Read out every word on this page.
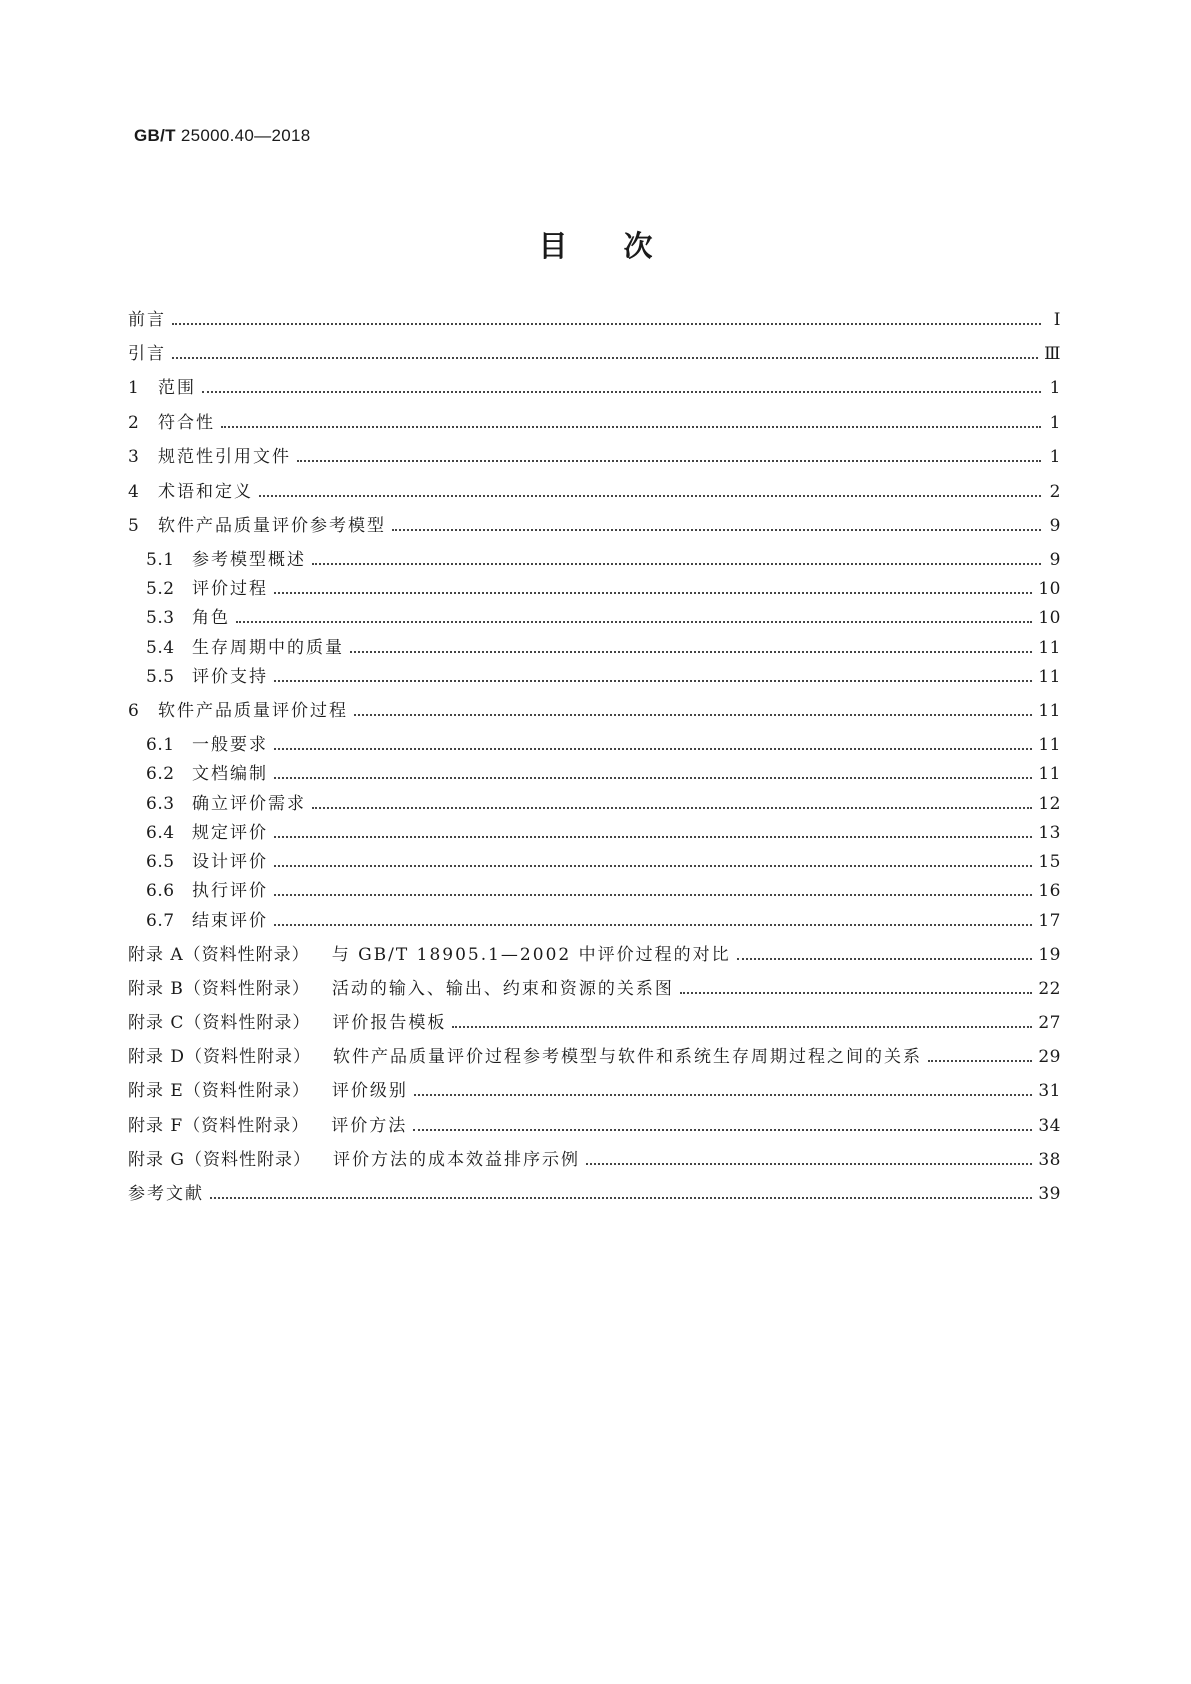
GB/T 25000.40—2018
目次
前言	Ⅰ
引言	Ⅲ
1	范围	1
2	符合性	1
3	规范性引用文件	1
4	术语和定义	2
5	软件产品质量评价参考模型	9
5.1	参考模型概述	9
5.2	评价过程	10
5.3	角色	10
5.4	生存周期中的质量	11
5.5	评价支持	11
6	软件产品质量评价过程	11
6.1	一般要求	11
6.2	文档编制	11
6.3	确立评价需求	12
6.4	规定评价	13
6.5	设计评价	15
6.6	执行评价	16
6.7	结束评价	17
附录 A（资料性附录） 与 GB/T 18905.1—2002 中评价过程的对比	19
附录 B（资料性附录） 活动的输入、输出、约束和资源的关系图	22
附录 C（资料性附录） 评价报告模板	27
附录 D（资料性附录） 软件产品质量评价过程参考模型与软件和系统生存周期过程之间的关系	29
附录 E（资料性附录） 评价级别	31
附录 F（资料性附录） 评价方法	34
附录 G（资料性附录） 评价方法的成本效益排序示例	38
参考文献	39
